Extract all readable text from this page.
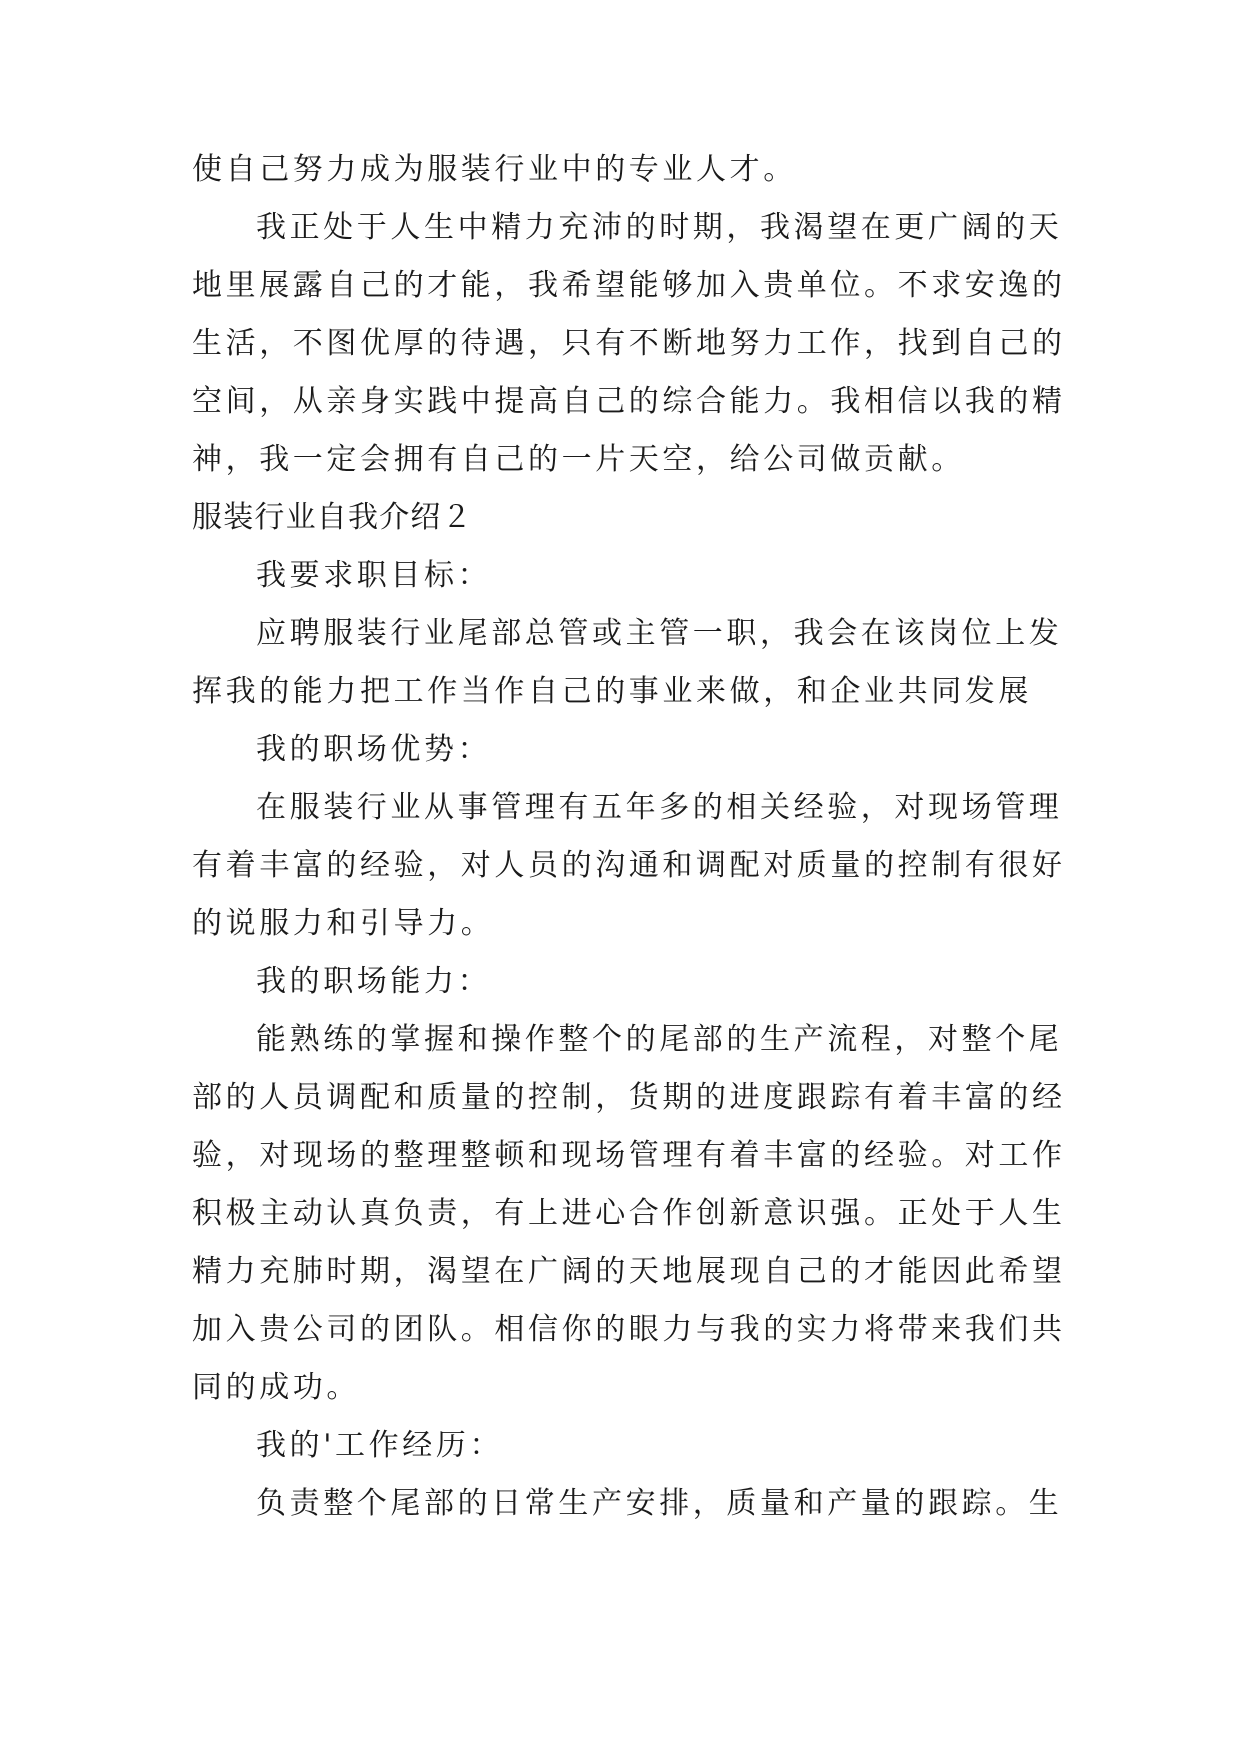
使自己努力成为服装行业中的专业人才。
我正处于人生中精力充沛的时期，我渴望在更广阔的天
地里展露自己的才能，我希望能够加入贵单位。不求安逸的
生活，不图优厚的待遇，只有不断地努力工作，找到自己的
空间，从亲身实践中提高自己的综合能力。我相信以我的精
神，我一定会拥有自己的一片天空，给公司做贡献。
服装行业自我介绍２
我要求职目标：
应聘服装行业尾部总管或主管一职，我会在该岗位上发
挥我的能力把工作当作自己的事业来做，和企业共同发展
我的职场优势：
在服装行业从事管理有五年多的相关经验，对现场管理
有着丰富的经验，对人员的沟通和调配对质量的控制有很好
的说服力和引导力。
我的职场能力：
能熟练的掌握和操作整个的尾部的生产流程，对整个尾
部的人员调配和质量的控制，货期的进度跟踪有着丰富的经
验，对现场的整理整顿和现场管理有着丰富的经验。对工作
积极主动认真负责，有上进心合作创新意识强。正处于人生
精力充肺时期，渴望在广阔的天地展现自己的才能因此希望
加入贵公司的团队。相信你的眼力与我的实力将带来我们共
同的成功。
我的'工作经历：
负责整个尾部的日常生产安排，质量和产量的跟踪。生
